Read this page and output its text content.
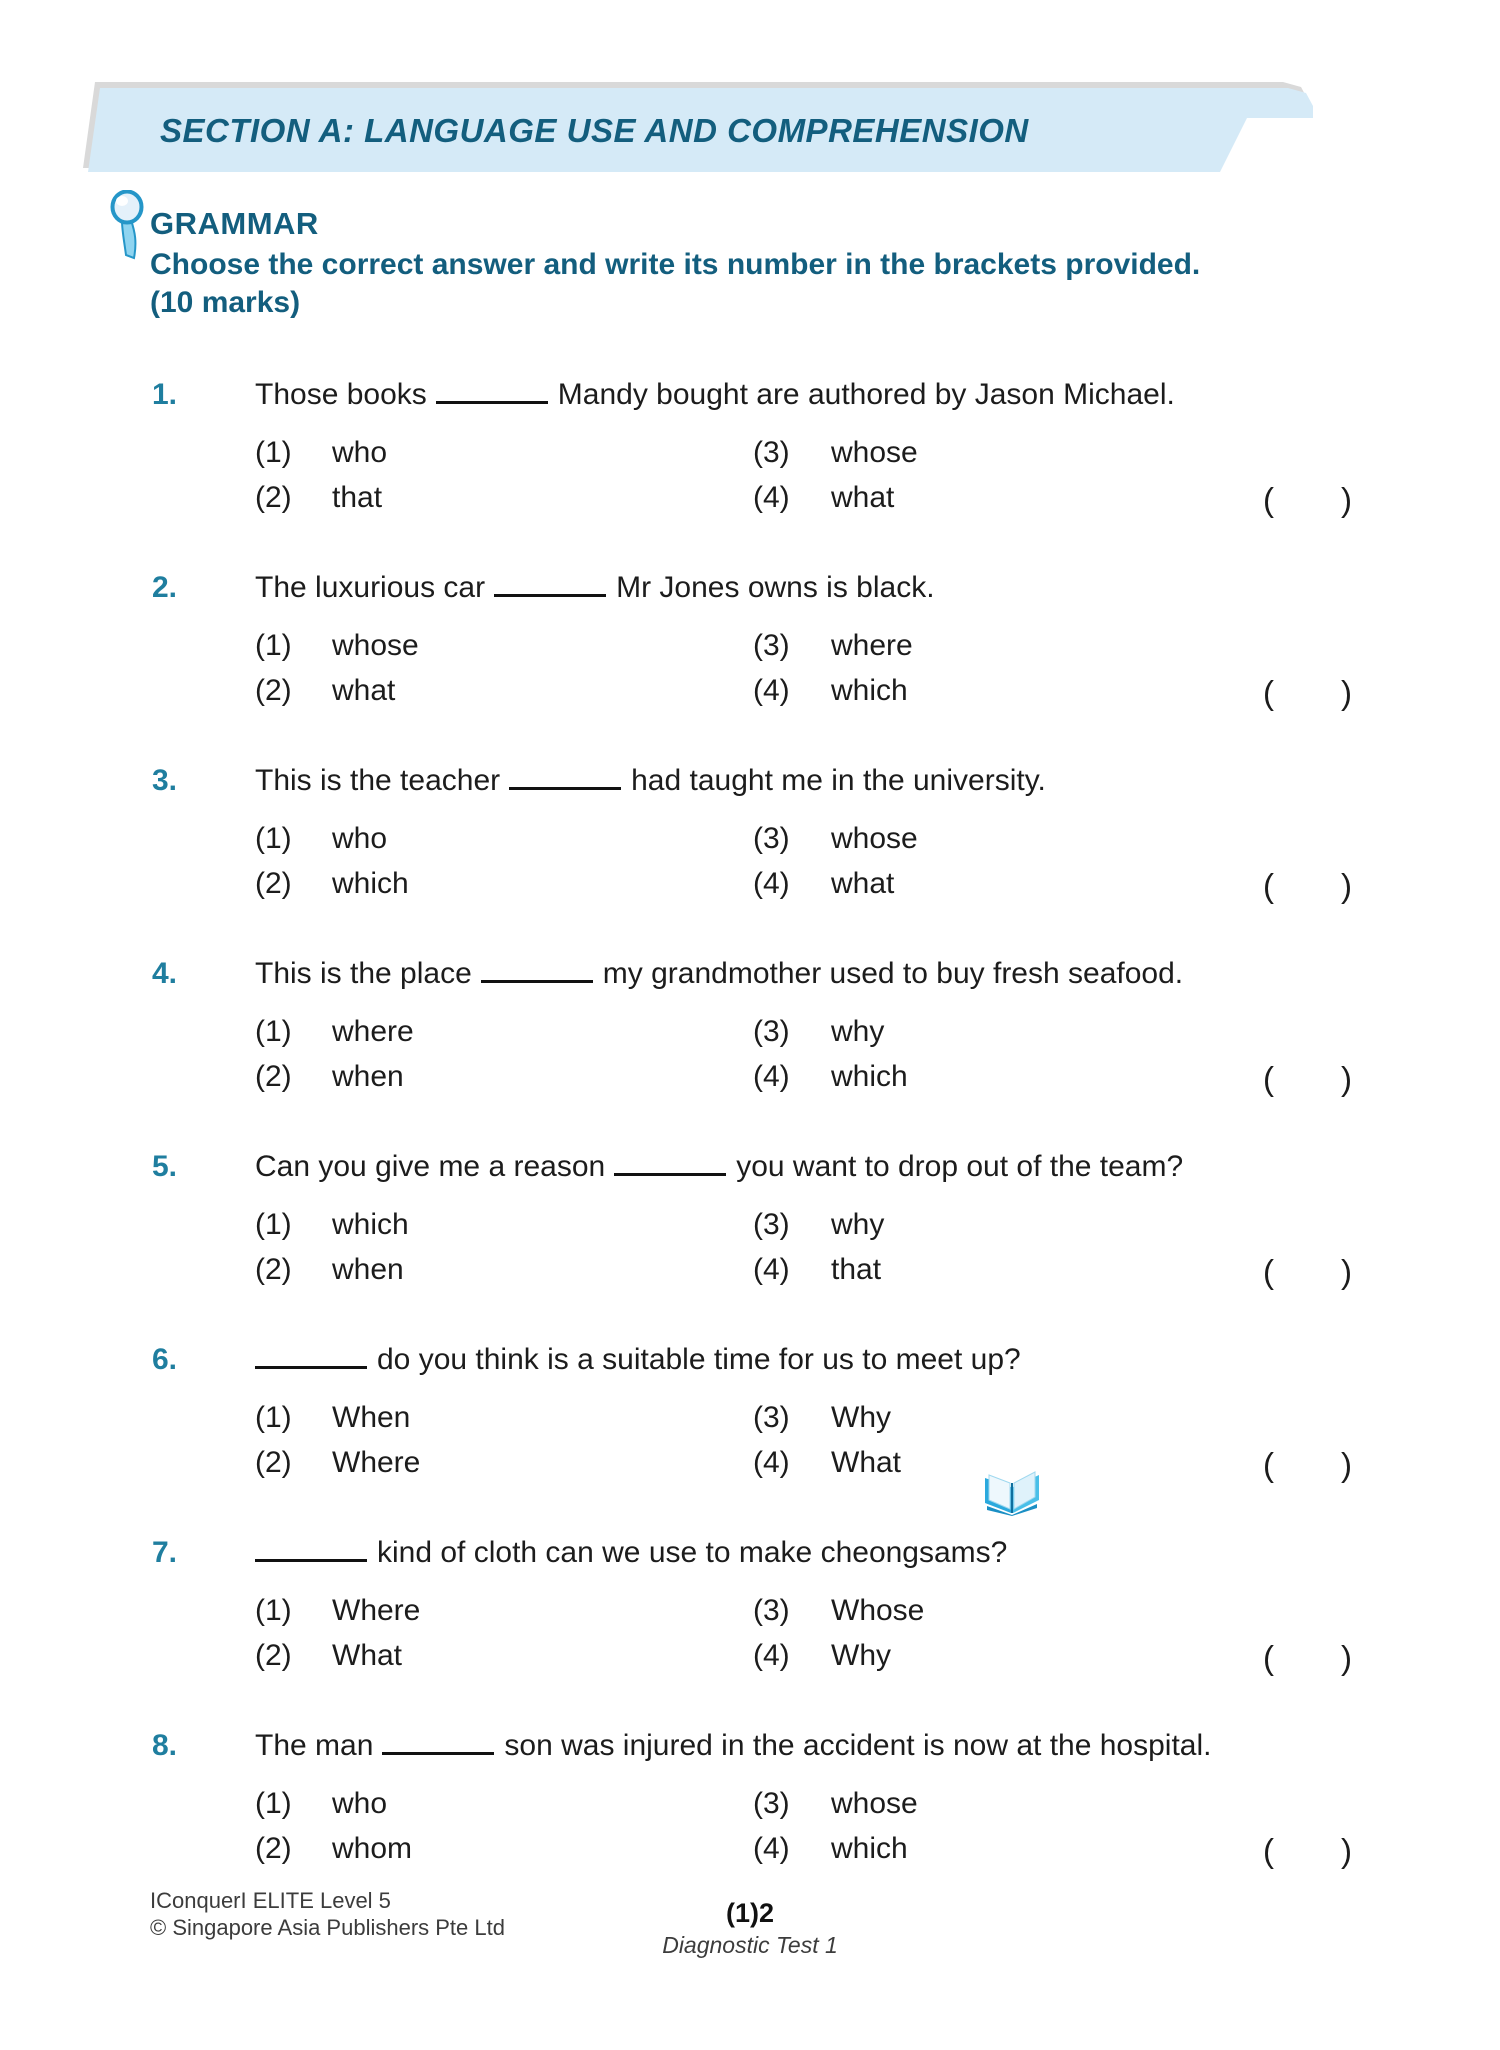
SECTION A: LANGUAGE USE AND COMPREHENSION
GRAMMAR
Choose the correct answer and write its number in the brackets provided.
(10 marks)
1.	Those books	Mandy bought are authored by Jason Michael.
(1) who	(3) whose
(2) that	(4) what	( )
2.	The luxurious car	Mr Jones owns is black.
(1) whose	(3) where
(2) what	(4) which	( )
3.	This is the teacher	had taught me in the university.
(1) who	(3) whose
(2) which	(4) what	( )
4.	This is the place	my grandmother used to buy fresh seafood.
(1) where	(3) why
(2) when	(4) which	( )
5.	Can you give me a reason	you want to drop out of the team?
(1) which	(3) why
(2) when	(4) that	( )
6.	do you think is a suitable time for us to meet up?
(1) When	(3) Why
(2) Where	(4) What	( )
7.	kind of cloth can we use to make cheongsams?
(1) Where	(3) Whose
(2) What	(4) Why	( )
8.	The man	son was injured in the accident is now at the hospital.
(1) who	(3) whose
(2) whom	(4) which	( )
IConquerI ELITE Level 5
© Singapore Asia Publishers Pte Ltd	(1)2
Diagnostic Test 1
